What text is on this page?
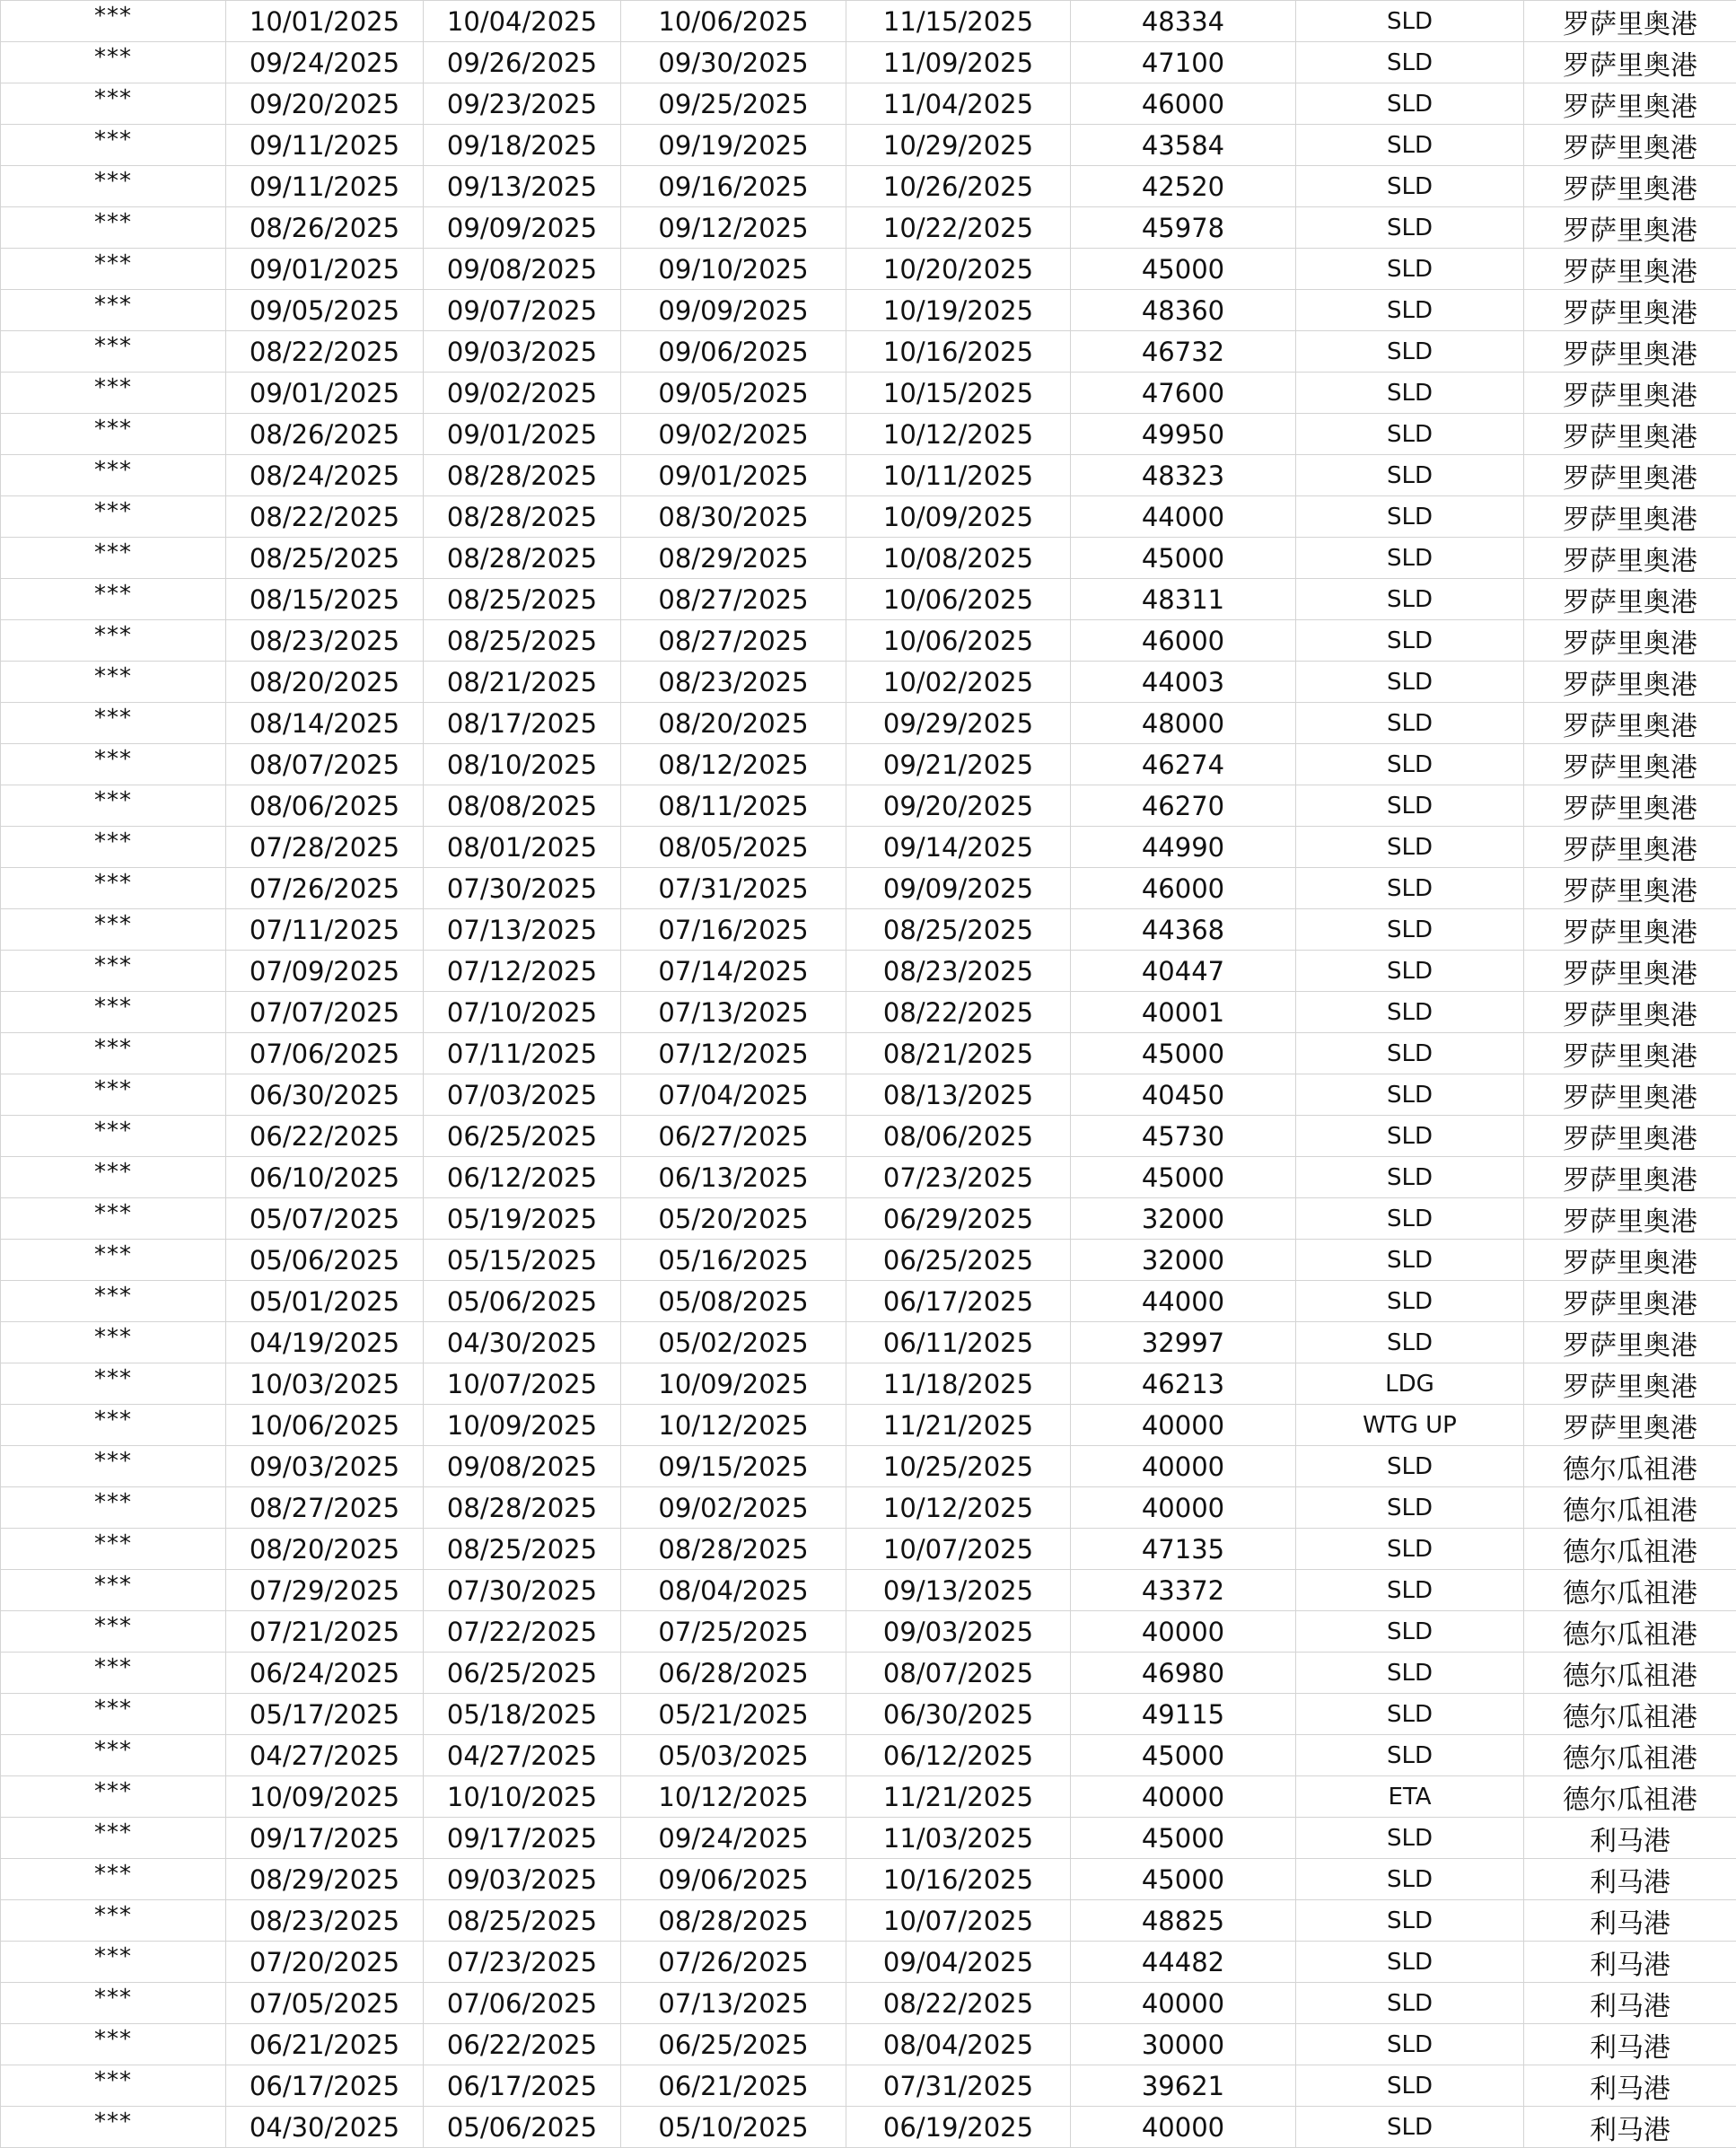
***	10/01/2025	10/04/2025	10/06/2025	11/15/2025	48334	SLD	罗萨里奥港
***	09/24/2025	09/26/2025	09/30/2025	11/09/2025	47100	SLD	罗萨里奥港
***	09/20/2025	09/23/2025	09/25/2025	11/04/2025	46000	SLD	罗萨里奥港
***	09/11/2025	09/18/2025	09/19/2025	10/29/2025	43584	SLD	罗萨里奥港
***	09/11/2025	09/13/2025	09/16/2025	10/26/2025	42520	SLD	罗萨里奥港
***	08/26/2025	09/09/2025	09/12/2025	10/22/2025	45978	SLD	罗萨里奥港
***	09/01/2025	09/08/2025	09/10/2025	10/20/2025	45000	SLD	罗萨里奥港
***	09/05/2025	09/07/2025	09/09/2025	10/19/2025	48360	SLD	罗萨里奥港
***	08/22/2025	09/03/2025	09/06/2025	10/16/2025	46732	SLD	罗萨里奥港
***	09/01/2025	09/02/2025	09/05/2025	10/15/2025	47600	SLD	罗萨里奥港
***	08/26/2025	09/01/2025	09/02/2025	10/12/2025	49950	SLD	罗萨里奥港
***	08/24/2025	08/28/2025	09/01/2025	10/11/2025	48323	SLD	罗萨里奥港
***	08/22/2025	08/28/2025	08/30/2025	10/09/2025	44000	SLD	罗萨里奥港
***	08/25/2025	08/28/2025	08/29/2025	10/08/2025	45000	SLD	罗萨里奥港
***	08/15/2025	08/25/2025	08/27/2025	10/06/2025	48311	SLD	罗萨里奥港
***	08/23/2025	08/25/2025	08/27/2025	10/06/2025	46000	SLD	罗萨里奥港
***	08/20/2025	08/21/2025	08/23/2025	10/02/2025	44003	SLD	罗萨里奥港
***	08/14/2025	08/17/2025	08/20/2025	09/29/2025	48000	SLD	罗萨里奥港
***	08/07/2025	08/10/2025	08/12/2025	09/21/2025	46274	SLD	罗萨里奥港
***	08/06/2025	08/08/2025	08/11/2025	09/20/2025	46270	SLD	罗萨里奥港
***	07/28/2025	08/01/2025	08/05/2025	09/14/2025	44990	SLD	罗萨里奥港
***	07/26/2025	07/30/2025	07/31/2025	09/09/2025	46000	SLD	罗萨里奥港
***	07/11/2025	07/13/2025	07/16/2025	08/25/2025	44368	SLD	罗萨里奥港
***	07/09/2025	07/12/2025	07/14/2025	08/23/2025	40447	SLD	罗萨里奥港
***	07/07/2025	07/10/2025	07/13/2025	08/22/2025	40001	SLD	罗萨里奥港
***	07/06/2025	07/11/2025	07/12/2025	08/21/2025	45000	SLD	罗萨里奥港
***	06/30/2025	07/03/2025	07/04/2025	08/13/2025	40450	SLD	罗萨里奥港
***	06/22/2025	06/25/2025	06/27/2025	08/06/2025	45730	SLD	罗萨里奥港
***	06/10/2025	06/12/2025	06/13/2025	07/23/2025	45000	SLD	罗萨里奥港
***	05/07/2025	05/19/2025	05/20/2025	06/29/2025	32000	SLD	罗萨里奥港
***	05/06/2025	05/15/2025	05/16/2025	06/25/2025	32000	SLD	罗萨里奥港
***	05/01/2025	05/06/2025	05/08/2025	06/17/2025	44000	SLD	罗萨里奥港
***	04/19/2025	04/30/2025	05/02/2025	06/11/2025	32997	SLD	罗萨里奥港
***	10/03/2025	10/07/2025	10/09/2025	11/18/2025	46213	LDG	罗萨里奥港
***	10/06/2025	10/09/2025	10/12/2025	11/21/2025	40000	WTG UP	罗萨里奥港
***	09/03/2025	09/08/2025	09/15/2025	10/25/2025	40000	SLD	德尔瓜祖港
***	08/27/2025	08/28/2025	09/02/2025	10/12/2025	40000	SLD	德尔瓜祖港
***	08/20/2025	08/25/2025	08/28/2025	10/07/2025	47135	SLD	德尔瓜祖港
***	07/29/2025	07/30/2025	08/04/2025	09/13/2025	43372	SLD	德尔瓜祖港
***	07/21/2025	07/22/2025	07/25/2025	09/03/2025	40000	SLD	德尔瓜祖港
***	06/24/2025	06/25/2025	06/28/2025	08/07/2025	46980	SLD	德尔瓜祖港
***	05/17/2025	05/18/2025	05/21/2025	06/30/2025	49115	SLD	德尔瓜祖港
***	04/27/2025	04/27/2025	05/03/2025	06/12/2025	45000	SLD	德尔瓜祖港
***	10/09/2025	10/10/2025	10/12/2025	11/21/2025	40000	ETA	德尔瓜祖港
***	09/17/2025	09/17/2025	09/24/2025	11/03/2025	45000	SLD	利马港
***	08/29/2025	09/03/2025	09/06/2025	10/16/2025	45000	SLD	利马港
***	08/23/2025	08/25/2025	08/28/2025	10/07/2025	48825	SLD	利马港
***	07/20/2025	07/23/2025	07/26/2025	09/04/2025	44482	SLD	利马港
***	07/05/2025	07/06/2025	07/13/2025	08/22/2025	40000	SLD	利马港
***	06/21/2025	06/22/2025	06/25/2025	08/04/2025	30000	SLD	利马港
***	06/17/2025	06/17/2025	06/21/2025	07/31/2025	39621	SLD	利马港
***	04/30/2025	05/06/2025	05/10/2025	06/19/2025	40000	SLD	利马港
